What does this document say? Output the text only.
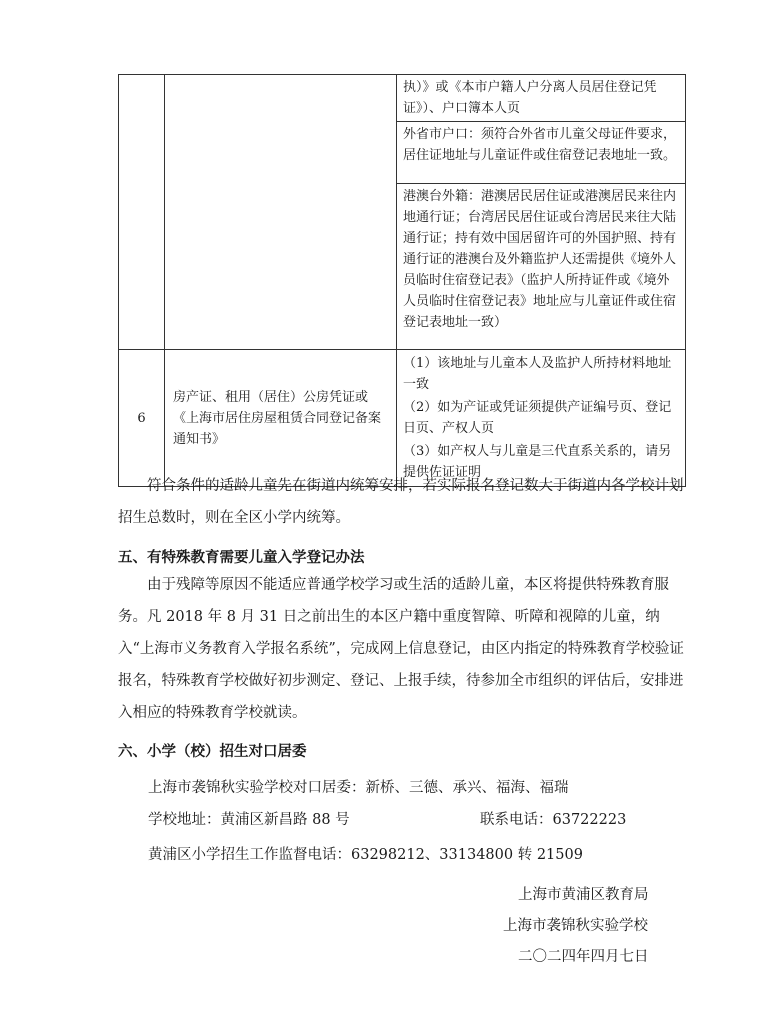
		执）》或《本市户籍人户分离人员居住登记凭证》）、户口簿本人页

		外省市户口：须符合外省市儿童父母证件要求，居住证地址与儿童证件或住宿登记表地址一致。

		港澳台外籍：港澳居民居住证或港澳居民来往内地通行证；台湾居民居住证或台湾居民来往大陆通行证；持有效中国居留许可的外国护照、持有通行证的港澳台及外籍监护人还需提供《境外人员临时住宿登记表》（监护人所持证件或《境外人员临时住宿登记表》地址应与儿童证件或住宿登记表地址一致）

6	房产证、租用（居住）公房凭证或《上海市居住房屋租赁合同登记备案通知书》	（1）该地址与儿童本人及监护人所持材料地址一致
（2）如为产证或凭证须提供产证编号页、登记日页、产权人页
（3）如产权人与儿童是三代直系关系的，请另提供佐证证明

符合条件的适龄儿童先在街道内统筹安排，若实际报名登记数大于街道内各学校计划招生总数时，则在全区小学内统筹。

五、有特殊教育需要儿童入学登记办法

由于残障等原因不能适应普通学校学习或生活的适龄儿童，本区将提供特殊教育服务。凡 2018 年 8 月 31 日之前出生的本区户籍中重度智障、听障和视障的儿童，纳入“上海市义务教育入学报名系统”，完成网上信息登记，由区内指定的特殊教育学校验证报名，特殊教育学校做好初步测定、登记、上报手续，待参加全市组织的评估后，安排进入相应的特殊教育学校就读。

六、小学（校）招生对口居委

上海市袭锦秋实验学校对口居委：新桥、三德、承兴、福海、福瑞

学校地址：黄浦区新昌路 88 号	联系电话：63722223

黄浦区小学招生工作监督电话：63298212、33134800 转 21509

上海市黄浦区教育局

上海市袭锦秋实验学校

二〇二四年四月七日
